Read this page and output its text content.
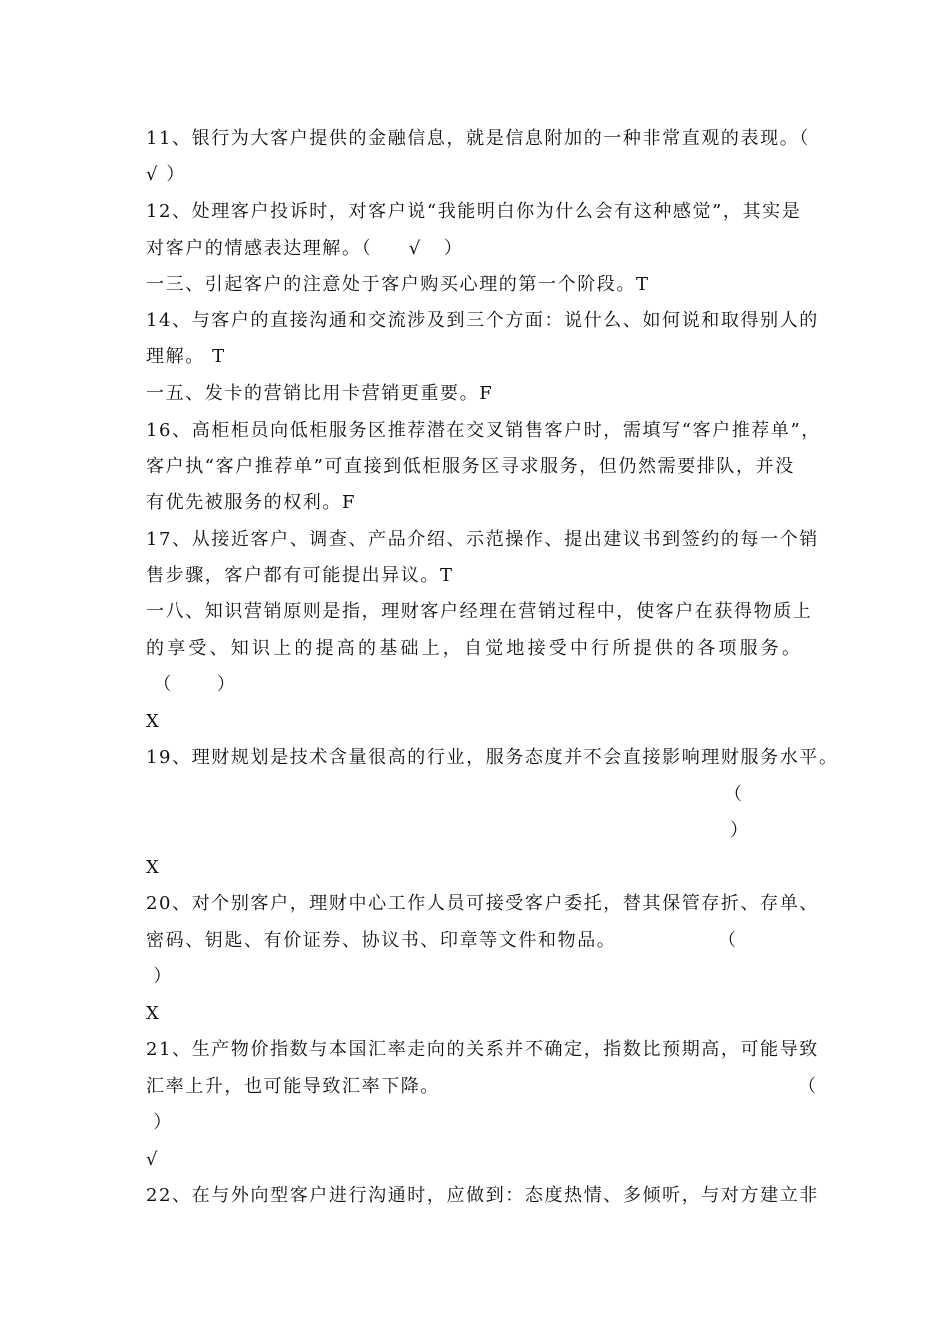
11、银行为大客户提供的金融信息，就是信息附加的一种非常直观的表现。（
√ ）
12、处理客户投诉时，对客户说“我能明白你为什么会有这种感觉”，其实是
对客户的情感表达理解。（     √   ）
一三、引起客户的注意处于客户购买心理的第一个阶段。T
14、与客户的直接沟通和交流涉及到三个方面：说什么、如何说和取得别人的
理解。 T
一五、发卡的营销比用卡营销更重要。F
16、高柜柜员向低柜服务区推荐潜在交叉销售客户时，需填写“客户推荐单”，
客户执“客户推荐单”可直接到低柜服务区寻求服务，但仍然需要排队，并没
有优先被服务的权利。F
17、从接近客户、调查、产品介绍、示范操作、提出建议书到签约的每一个销
售步骤，客户都有可能提出异议。T
一八、知识营销原则是指，理财客户经理在营销过程中，使客户在获得物质上
的享受、知识上的提高的基础上，自觉地接受中行所提供的各项服务。
（      ）
X
19、理财规划是技术含量很高的行业，服务态度并不会直接影响理财服务水平。
（
）
X
20、对个别客户，理财中心工作人员可接受客户委托，替其保管存折、存单、
密码、钥匙、有价证券、协议书、印章等文件和物品。	（
）
X
21、生产物价指数与本国汇率走向的关系并不确定，指数比预期高，可能导致
汇率上升，也可能导致汇率下降。	（
）
√
22、在与外向型客户进行沟通时，应做到：态度热情、多倾听，与对方建立非
